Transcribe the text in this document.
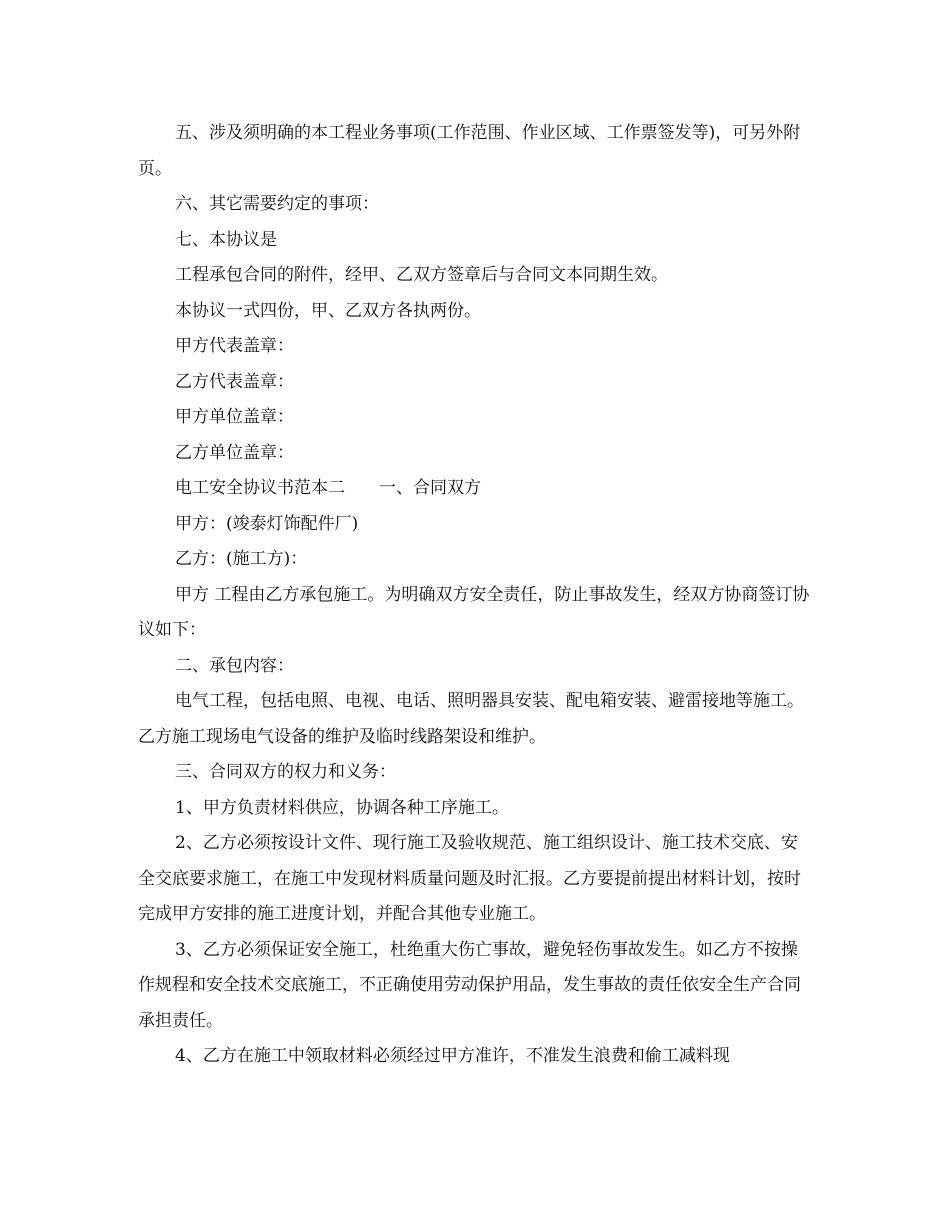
五、涉及须明确的本工程业务事项(工作范围、作业区域、工作票签发等)，可另外附页。

六、其它需要约定的事项：

七、本协议是

工程承包合同的附件，经甲、乙双方签章后与合同文本同期生效。

本协议一式四份，甲、乙双方各执两份。

甲方代表盖章：

乙方代表盖章：

甲方单位盖章：

乙方单位盖章：

电工安全协议书范本二　　一、合同双方

甲方：(竣泰灯饰配件厂)

乙方：(施工方)：

甲方 工程由乙方承包施工。为明确双方安全责任，防止事故发生，经双方协商签订协议如下：

二、承包内容：

电气工程，包括电照、电视、电话、照明器具安装、配电箱安装、避雷接地等施工。乙方施工现场电气设备的维护及临时线路架设和维护。

三、合同双方的权力和义务：

1、甲方负责材料供应，协调各种工序施工。

2、乙方必须按设计文件、现行施工及验收规范、施工组织设计、施工技术交底、安全交底要求施工，在施工中发现材料质量问题及时汇报。乙方要提前提出材料计划，按时完成甲方安排的施工进度计划，并配合其他专业施工。

3、乙方必须保证安全施工，杜绝重大伤亡事故，避免轻伤事故发生。如乙方不按操作规程和安全技术交底施工，不正确使用劳动保护用品，发生事故的责任依安全生产合同承担责任。

4、乙方在施工中领取材料必须经过甲方准许，不准发生浪费和偷工减料现
